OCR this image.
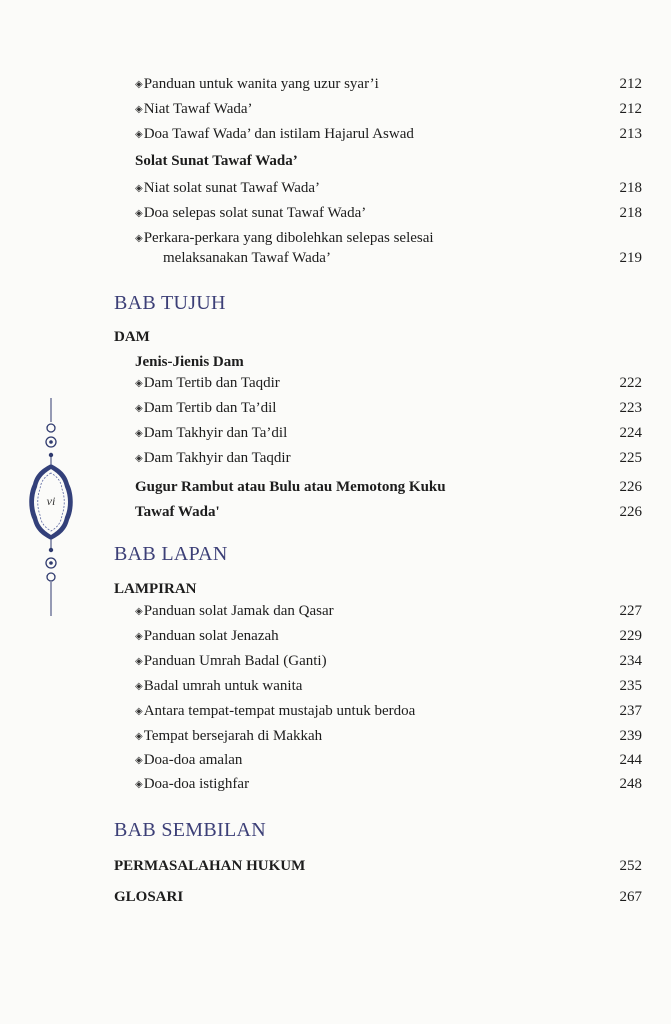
◈Panduan untuk wanita yang uzur syar’i	212
◈Niat Tawaf Wada’	212
◈Doa Tawaf Wada’ dan istilam Hajarul Aswad	213
Solat Sunat Tawaf Wada’
◈Niat solat sunat Tawaf Wada’	218
◈Doa selepas solat sunat Tawaf Wada’	218
◈Perkara-perkara yang dibolehkan selepas selesai
melaksanakan Tawaf Wada’	219
BAB TUJUH
DAM
Jenis-Jienis Dam
◈Dam Tertib dan Taqdir	222
◈Dam Tertib dan Ta’dil	223
◈Dam Takhyir dan Ta’dil	224
◈Dam Takhyir dan Taqdir	225
Gugur Rambut atau Bulu atau Memotong Kuku	226
Tawaf Wada'	226
BAB LAPAN
LAMPIRAN
◈Panduan solat Jamak dan Qasar	227
◈Panduan solat Jenazah	229
◈Panduan Umrah Badal (Ganti)	234
◈Badal umrah untuk wanita	235
◈Antara tempat-tempat mustajab untuk berdoa	237
◈Tempat bersejarah di Makkah	239
◈Doa-doa amalan	244
◈Doa-doa istighfar	248
BAB SEMBILAN
PERMASALAHAN HUKUM	252
GLOSARI	267
vi
